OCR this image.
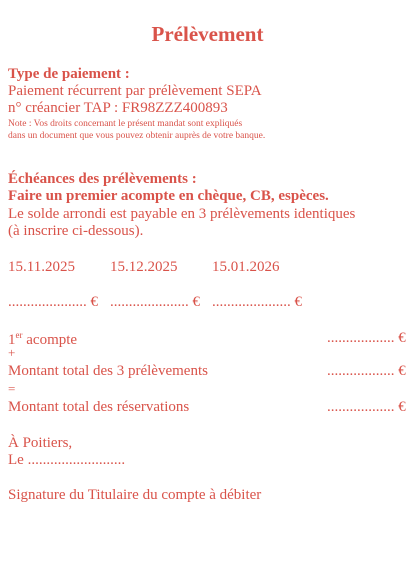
Prélèvement
Type de paiement :
Paiement récurrent par prélèvement SEPA
n° créancier TAP : FR98ZZZ400893
Note : Vos droits concernant le présent mandat sont expliqués
dans un document que vous pouvez obtenir auprès de votre banque.
Échéances des prélèvements :
Faire un premier acompte en chèque, CB, espèces.
Le solde arrondi est payable en 3 prélèvements identiques
(à inscrire ci-dessous).
15.11.2025 15.12.2025 15.01.2026
..................... € ..................... € ..................... €
1er acompte	.................. €
+
Montant total des 3 prélèvements	.................. €
=
Montant total des réservations	.................. €
À Poitiers,
Le ..........................
Signature du Titulaire du compte à débiter
